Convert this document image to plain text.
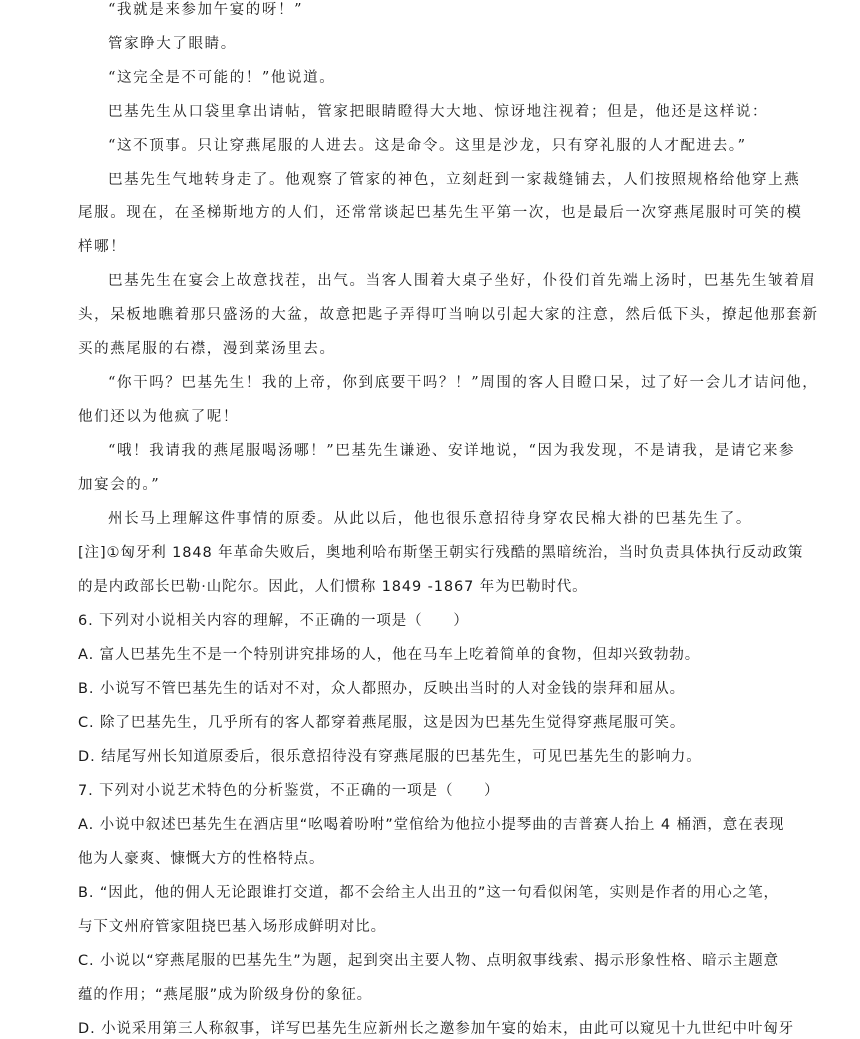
“我就是来参加午宴的呀！”
管家睁大了眼睛。
“这完全是不可能的！”他说道。
巴基先生从口袋里拿出请帖，管家把眼睛瞪得大大地、惊讶地注视着；但是，他还是这样说：
“这不顶事。只让穿燕尾服的人进去。这是命令。这里是沙龙，只有穿礼服的人才配进去。”
巴基先生气地转身走了。他观察了管家的神色，立刻赶到一家裁缝铺去，人们按照规格给他穿上燕
尾服。现在，在圣梯斯地方的人们，还常常谈起巴基先生平第一次，也是最后一次穿燕尾服时可笑的模
样哪！
巴基先生在宴会上故意找茬，出气。当客人围着大桌子坐好，仆役们首先端上汤时，巴基先生皱着眉
头，呆板地瞧着那只盛汤的大盆，故意把匙子弄得叮当响以引起大家的注意，然后低下头，撩起他那套新
买的燕尾服的右襟，漫到菜汤里去。
“你干吗？巴基先生！我的上帝，你到底要干吗？！”周围的客人目瞪口呆，过了好一会儿才诘问他，
他们还以为他疯了呢！
“哦！我请我的燕尾服喝汤哪！”巴基先生谦逊、安详地说，“因为我发现，不是请我，是请它来参
加宴会的。”
州长马上理解这件事情的原委。从此以后，他也很乐意招待身穿农民棉大褂的巴基先生了。
[注]①匈牙利 1848 年革命失败后，奥地利哈布斯堡王朝实行残酷的黑暗统治，当时负责具体执行反动政策
的是内政部长巴勒·山陀尔。因此，人们惯称 1849 -1867 年为巴勒时代。
6. 下列对小说相关内容的理解，不正确的一项是（　　）
A. 富人巴基先生不是一个特别讲究排场的人，他在马车上吃着简单的食物，但却兴致勃勃。
B. 小说写不管巴基先生的话对不对，众人都照办，反映出当时的人对金钱的崇拜和屈从。
C. 除了巴基先生，几乎所有的客人都穿着燕尾服，这是因为巴基先生觉得穿燕尾服可笑。
D. 结尾写州长知道原委后，很乐意招待没有穿燕尾服的巴基先生，可见巴基先生的影响力。
7. 下列对小说艺术特色的分析鉴赏，不正确的一项是（　　）
A. 小说中叙述巴基先生在酒店里“吆喝着吩咐”堂倌给为他拉小提琴曲的吉普赛人抬上 4 桶酒，意在表现
他为人豪爽、慷慨大方的性格特点。
B. “因此，他的佣人无论跟谁打交道，都不会给主人出丑的”这一句看似闲笔，实则是作者的用心之笔，
与下文州府管家阻挠巴基入场形成鲜明对比。
C. 小说以“穿燕尾服的巴基先生”为题，起到突出主要人物、点明叙事线索、揭示形象性格、暗示主题意
蕴的作用；“燕尾服”成为阶级身份的象征。
D. 小说采用第三人称叙事，详写巴基先生应新州长之邀参加午宴的始末，由此可以窥见十九世纪中叶匈牙
